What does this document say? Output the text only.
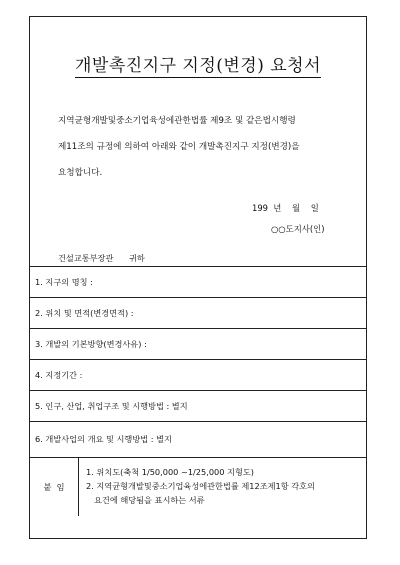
개발촉진지구 지정(변경) 요청서
지역균형개발및중소기업육성에관한법률 제9조 및 같은법시행령
제11조의 규정에 의하여 아래와 같이 개발촉진지구 지정(변경)을
요청합니다.
199  년    월    일
○○도지사(인)
건설교통부장관      귀하
1. 지구의 명칭 :
2. 위치 및 면적(변경면적) :
3. 개발의 기본방향(변경사유) :
4. 지정기간 :
5. 인구, 산업, 취업구조 및 시행방법 : 별지
6. 개발사업의 개요 및 시행방법 : 별지
붙  임
1. 위치도(축척 1/50,000 ~1/25,000 지형도)
2. 지역균형개발및중소기업육성에관한법률 제12조제1항 각호의
요건에 해당됨을 표시하는 서류
